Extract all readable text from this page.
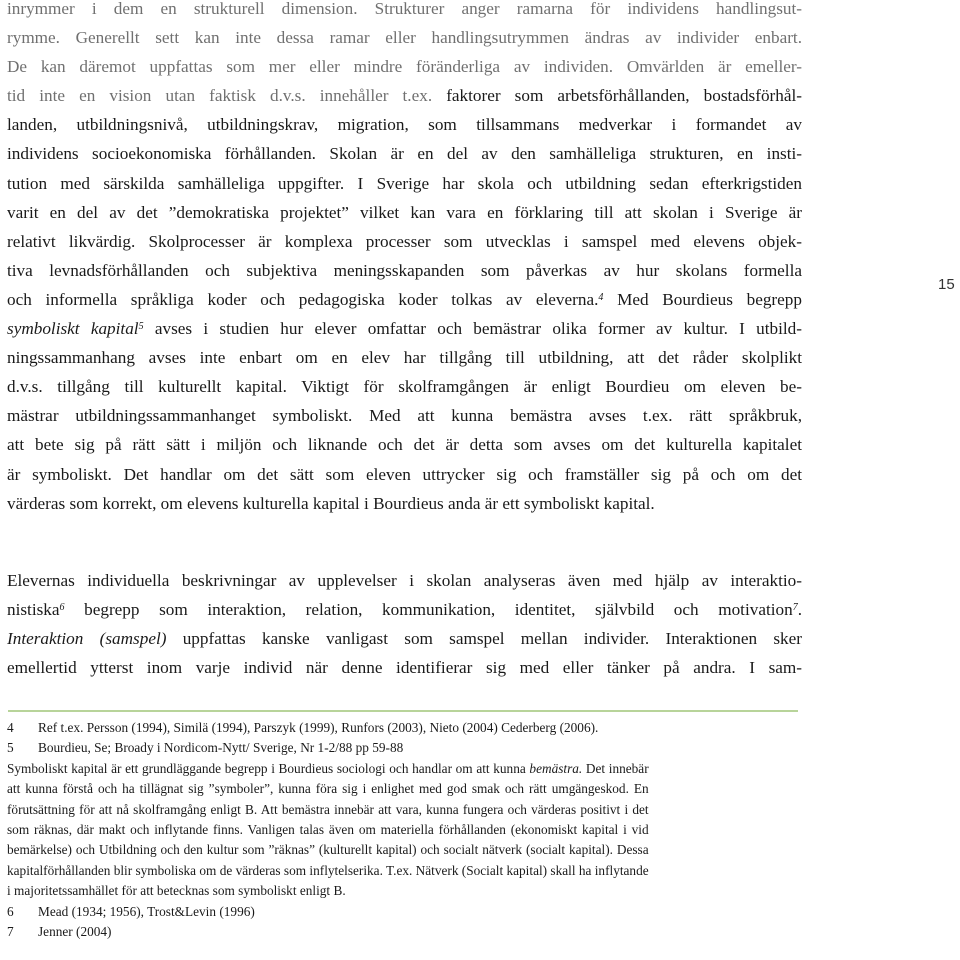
inrymmer i dem en strukturell dimension. Strukturer anger ramarna för individens handlingsut-
rymme. Generellt sett kan inte dessa ramar eller handlingsutrymmen ändras av individer enbart.
De kan däremot uppfattas som mer eller mindre föränderliga av individen. Omvärlden är emeller-
tid inte en vision utan faktisk d.v.s. innehåller t.ex. faktorer som arbetsförhållanden, bostadsförhål-
landen, utbildningsnivå, utbildningskrav, migration, som tillsammans medverkar i formandet av
individens socioekonomiska förhållanden. Skolan är en del av den samhälleliga strukturen, en insti-
tution med särskilda samhälleliga uppgifter. I Sverige har skola och utbildning sedan efterkrigstiden
varit en del av det ”demokratiska projektet” vilket kan vara en förklaring till att skolan i Sverige är
relativt likvärdig. Skolprocesser är komplexa processer som utvecklas i samspel med elevens objek-
tiva levnadsförhållanden och subjektiva meningsskapanden som påverkas av hur skolans formella
och informella språkliga koder och pedagogiska koder tolkas av eleverna.$^4$ Med Bourdieus begrepp
symboliskt kapital$^5$ avses i studien hur elever omfattar och bemästrar olika former av kultur. I utbild-
ningssammanhang avses inte enbart om en elev har tillgång till utbildning, att det råder skolplikt
d.v.s. tillgång till kulturellt kapital. Viktigt för skolframgången är enligt Bourdieu om eleven be-
mästrar utbildningssammanhanget symboliskt. Med att kunna bemästra avses t.ex. rätt språkbruk,
att bete sig på rätt sätt i miljön och liknande och det är detta som avses om det kulturella kapitalet
är symboliskt. Det handlar om det sätt som eleven uttrycker sig och framställer sig på och om det
värderas som korrekt, om elevens kulturella kapital i Bourdieus anda är ett symboliskt kapital.

Elevernas individuella beskrivningar av upplevelser i skolan analyseras även med hjälp av interaktio-
nistiska$^6$ begrepp som interaktion, relation, kommunikation, identitet, självbild och motivation$^7$.
Interaktion (samspel) uppfattas kanske vanligast som samspel mellan individer. Interaktionen sker
emellertid ytterst inom varje individ när denne identifierar sig med eller tänker på andra. I sam-

15
4	Ref t.ex. Persson (1994), Similä (1994), Parszyk (1999), Runfors (2003), Nieto (2004) Cederberg (2006).
5	Bourdieu, Se; Broady i Nordicom-Nytt/ Sverige, Nr 1-2/88 pp 59-88
Symboliskt kapital är ett grundläggande begrepp i Bourdieus sociologi och handlar om att kunna bemästra. Det innebär
att kunna förstå och ha tillägnat sig ”symboler”, kunna föra sig i enlighet med god smak och rätt umgängeskod. En
förutsättning för att nå skolframgång enligt B. Att bemästra innebär att vara, kunna fungera och värderas positivt i det
som räknas, där makt och inflytande finns. Vanligen talas även om materiella förhållanden (ekonomiskt kapital i vid
bemärkelse) och Utbildning och den kultur som ”räknas” (kulturellt kapital) och socialt nätverk (socialt kapital). Dessa
kapitalförhållanden blir symboliska om de värderas som inflytelserika. T.ex. Nätverk (Socialt kapital) skall ha inflytande
i majoritetssamhället för att betecknas som symboliskt enligt B.
6	Mead (1934; 1956), Trost&Levin (1996)
7	Jenner (2004)
